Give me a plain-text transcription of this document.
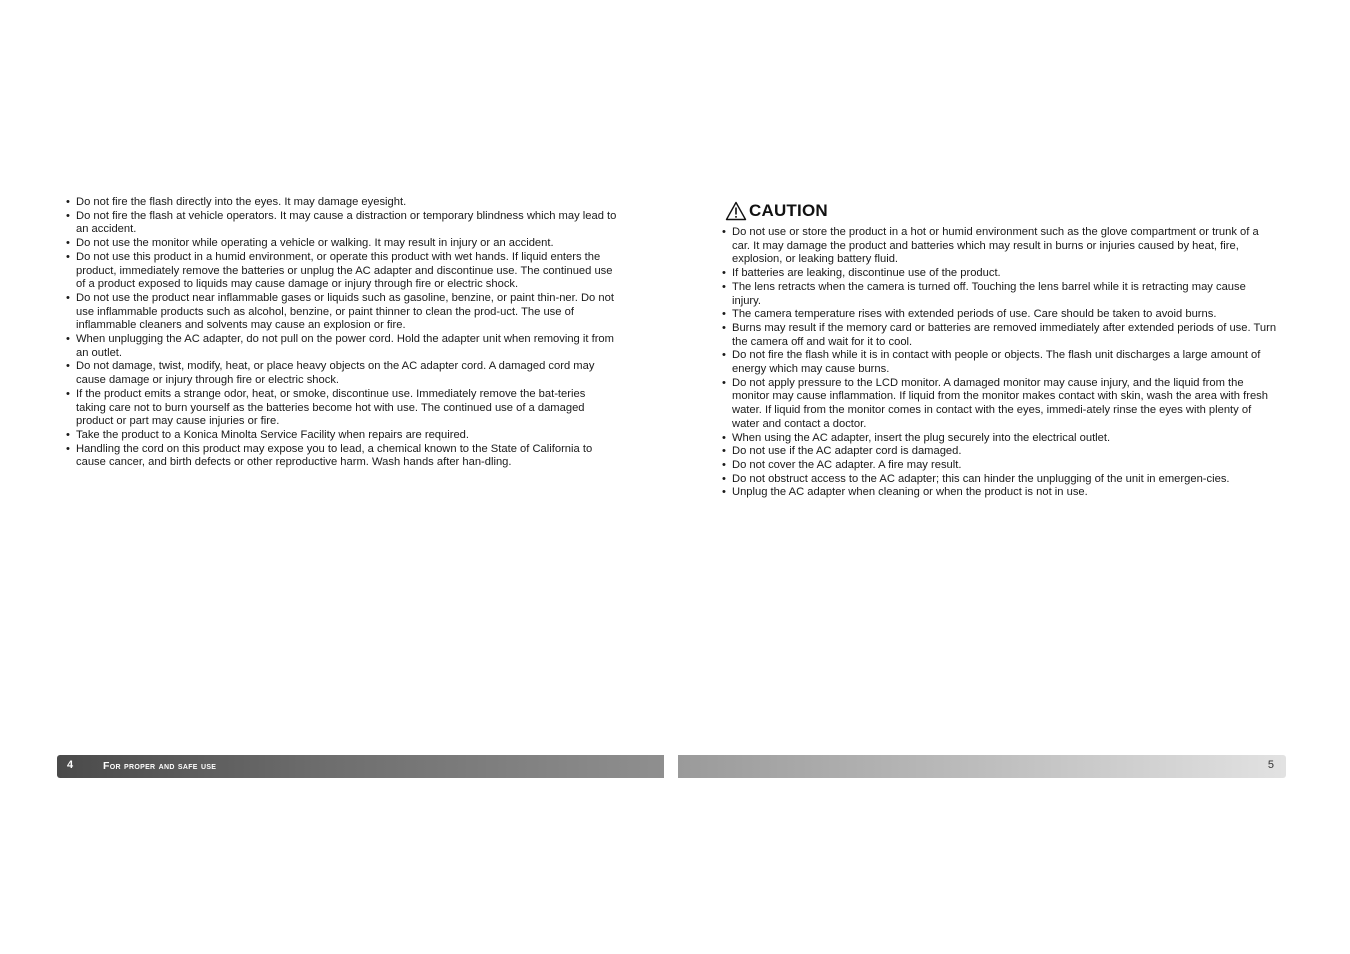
• Do not fire the flash directly into the eyes. It may damage eyesight.
• Do not fire the flash at vehicle operators. It may cause a distraction or temporary blindness which may lead to an accident.
• Do not use the monitor while operating a vehicle or walking. It may result in injury or an accident.
• Do not use this product in a humid environment, or operate this product with wet hands. If liquid enters the product, immediately remove the batteries or unplug the AC adapter and discontinue use. The continued use of a product exposed to liquids may cause damage or injury through fire or electric shock.
• Do not use the product near inflammable gases or liquids such as gasoline, benzine, or paint thin-ner. Do not use inflammable products such as alcohol, benzine, or paint thinner to clean the prod-uct. The use of inflammable cleaners and solvents may cause an explosion or fire.
• When unplugging the AC adapter, do not pull on the power cord. Hold the adapter unit when removing it from an outlet.
• Do not damage, twist, modify, heat, or place heavy objects on the AC adapter cord. A damaged cord may cause damage or injury through fire or electric shock.
• If the product emits a strange odor, heat, or smoke, discontinue use. Immediately remove the bat-teries taking care not to burn yourself as the batteries become hot with use. The continued use of a damaged product or part may cause injuries or fire.
• Take the product to a Konica Minolta Service Facility when repairs are required.
• Handling the cord on this product may expose you to lead, a chemical known to the State of California to cause cancer, and birth defects or other reproductive harm. Wash hands after han-dling.
4	For proper and safe use
CAUTION
• Do not use or store the product in a hot or humid environment such as the glove compartment or trunk of a car. It may damage the product and batteries which may result in burns or injuries caused by heat, fire, explosion, or leaking battery fluid.
• If batteries are leaking, discontinue use of the product.
• The lens retracts when the camera is turned off. Touching the lens barrel while it is retracting may cause injury.
• The camera temperature rises with extended periods of use. Care should be taken to avoid burns.
• Burns may result if the memory card or batteries are removed immediately after extended periods of use. Turn the camera off and wait for it to cool.
• Do not fire the flash while it is in contact with people or objects. The flash unit discharges a large amount of energy which may cause burns.
• Do not apply pressure to the LCD monitor. A damaged monitor may cause injury, and the liquid from the monitor may cause inflammation. If liquid from the monitor makes contact with skin, wash the area with fresh water. If liquid from the monitor comes in contact with the eyes, immedi-ately rinse the eyes with plenty of water and contact a doctor.
• When using the AC adapter, insert the plug securely into the electrical outlet.
• Do not use if the AC adapter cord is damaged.
• Do not cover the AC adapter. A fire may result.
• Do not obstruct access to the AC adapter; this can hinder the unplugging of the unit in emergen-cies.
• Unplug the AC adapter when cleaning or when the product is not in use.
5
